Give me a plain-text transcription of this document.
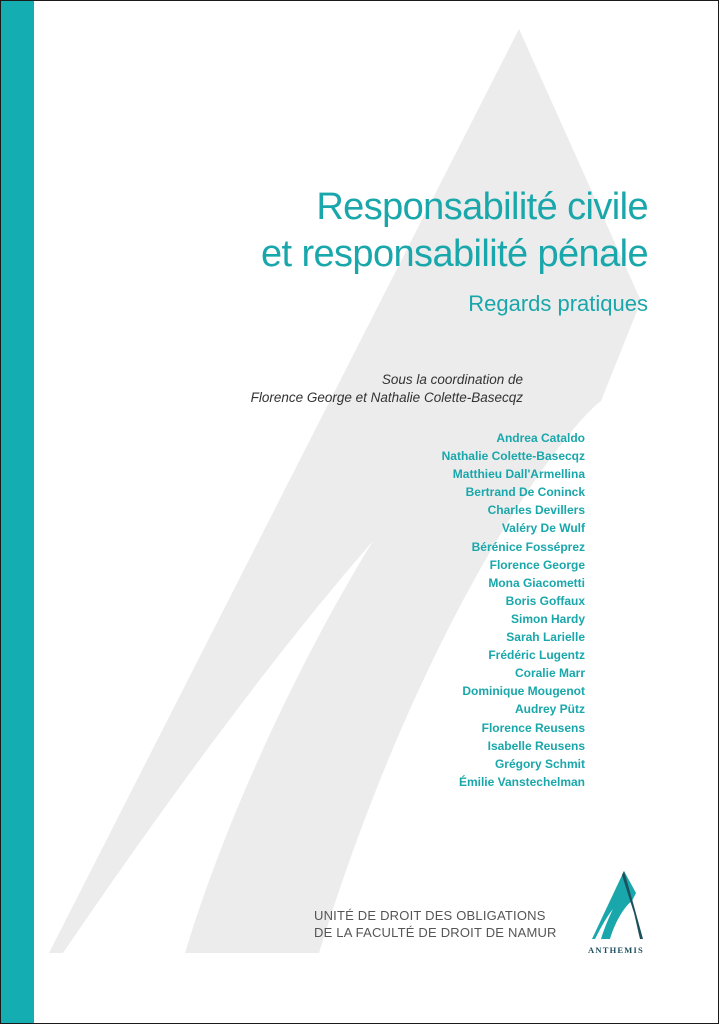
Responsabilité civile
et responsabilité pénale
Regards pratiques
Sous la coordination de
Florence George et Nathalie Colette-Basecqz
Andrea Cataldo
Nathalie Colette-Basecqz
Matthieu Dall'Armellina
Bertrand De Coninck
Charles Devillers
Valéry De Wulf
Bérénice Fosséprez
Florence George
Mona Giacometti
Boris Goffaux
Simon Hardy
Sarah Larielle
Frédéric Lugentz
Coralie Marr
Dominique Mougenot
Audrey Pütz
Florence Reusens
Isabelle Reusens
Grégory Schmit
Émilie Vanstechelman
UNITÉ DE DROIT DES OBLIGATIONS
DE LA FACULTÉ DE DROIT DE NAMUR
ANTHEMIS
